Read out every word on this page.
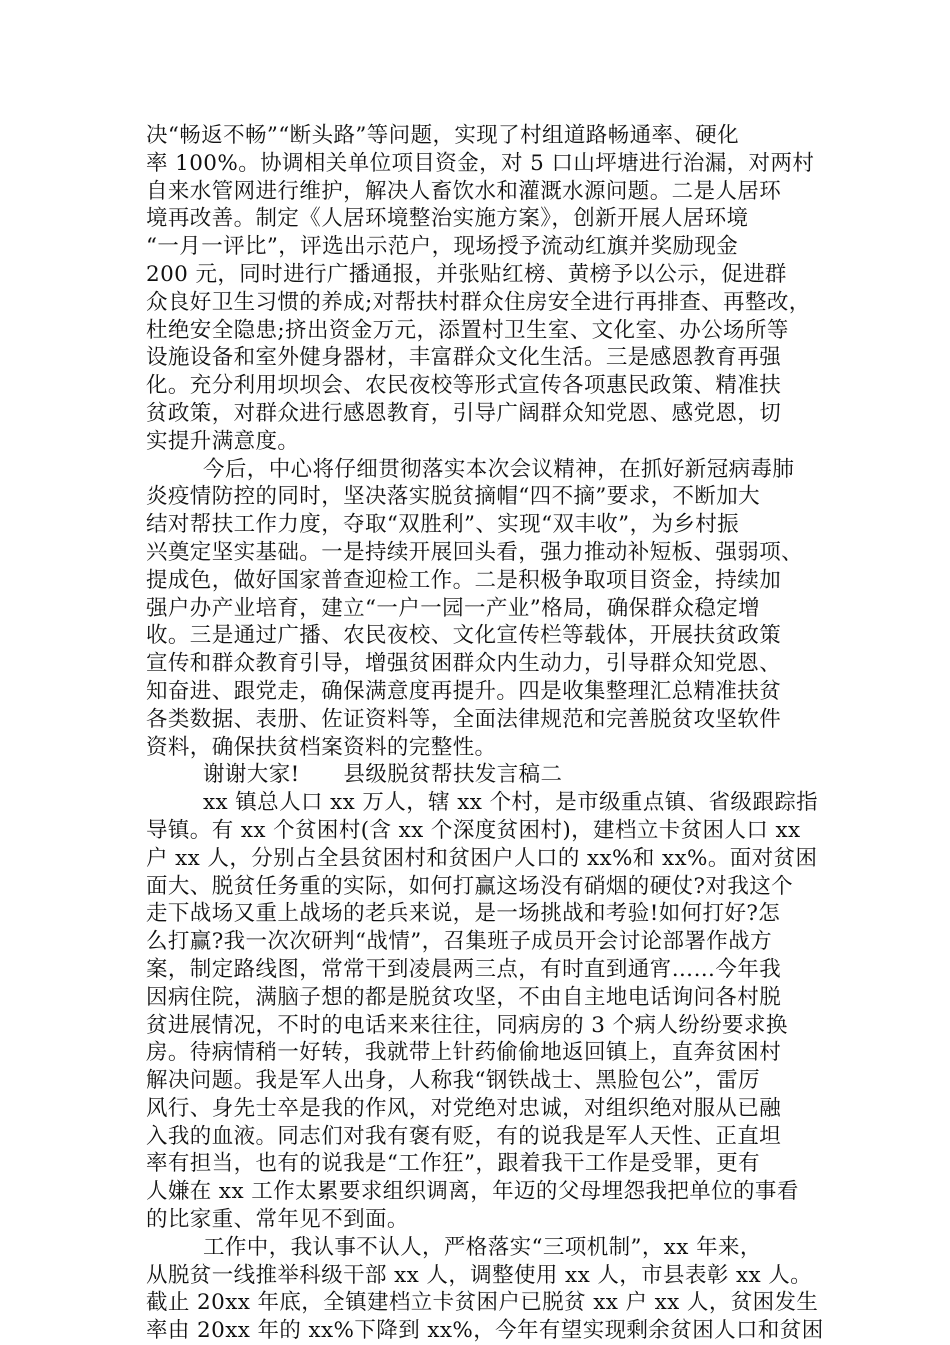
决“畅返不畅”“断头路”等问题，实现了村组道路畅通率、硬化
率 100%。协调相关单位项目资金，对 5 口山坪塘进行治漏，对两村
自来水管网进行维护，解决人畜饮水和灌溉水源问题。二是人居环
境再改善。制定《人居环境整治实施方案》，创新开展人居环境
“一月一评比”，评选出示范户，现场授予流动红旗并奖励现金
200 元，同时进行广播通报，并张贴红榜、黄榜予以公示，促进群
众良好卫生习惯的养成;对帮扶村群众住房安全进行再排查、再整改，
杜绝安全隐患;挤出资金万元，添置村卫生室、文化室、办公场所等
设施设备和室外健身器材，丰富群众文化生活。三是感恩教育再强
化。充分利用坝坝会、农民夜校等形式宣传各项惠民政策、精准扶
贫政策，对群众进行感恩教育，引导广阔群众知党恩、感党恩，切
实提升满意度。
今后，中心将仔细贯彻落实本次会议精神，在抓好新冠病毒肺
炎疫情防控的同时，坚决落实脱贫摘帽“四不摘”要求，不断加大
结对帮扶工作力度，夺取“双胜利”、实现“双丰收”，为乡村振
兴奠定坚实基础。一是持续开展回头看，强力推动补短板、强弱项、
提成色，做好国家普查迎检工作。二是积极争取项目资金，持续加
强户办产业培育，建立“一户一园一产业”格局，确保群众稳定增
收。三是通过广播、农民夜校、文化宣传栏等载体，开展扶贫政策
宣传和群众教育引导，增强贫困群众内生动力，引导群众知党恩、
知奋进、跟党走，确保满意度再提升。四是收集整理汇总精准扶贫
各类数据、表册、佐证资料等，全面法律规范和完善脱贫攻坚软件
资料，确保扶贫档案资料的完整性。
谢谢大家!　　县级脱贫帮扶发言稿二
xx 镇总人口 xx 万人，辖 xx 个村，是市级重点镇、省级跟踪指
导镇。有 xx 个贫困村(含 xx 个深度贫困村)，建档立卡贫困人口 xx
户 xx 人，分别占全县贫困村和贫困户人口的 xx%和 xx%。面对贫困
面大、脱贫任务重的实际，如何打赢这场没有硝烟的硬仗?对我这个
走下战场又重上战场的老兵来说，是一场挑战和考验!如何打好?怎
么打赢?我一次次研判“战情”，召集班子成员开会讨论部署作战方
案，制定路线图，常常干到凌晨两三点，有时直到通宵……今年我
因病住院，满脑子想的都是脱贫攻坚，不由自主地电话询问各村脱
贫进展情况，不时的电话来来往往，同病房的 3 个病人纷纷要求换
房。待病情稍一好转，我就带上针药偷偷地返回镇上，直奔贫困村
解决问题。我是军人出身，人称我“钢铁战士、黑脸包公”，雷厉
风行、身先士卒是我的作风，对党绝对忠诚，对组织绝对服从已融
入我的血液。同志们对我有褒有贬，有的说我是军人天性、正直坦
率有担当，也有的说我是“工作狂”，跟着我干工作是受罪，更有
人嫌在 xx 工作太累要求组织调离，年迈的父母埋怨我把单位的事看
的比家重、常年见不到面。
工作中，我认事不认人，严格落实“三项机制”，xx 年来，
从脱贫一线推举科级干部 xx 人，调整使用 xx 人，市县表彰 xx 人。
截止 20xx 年底，全镇建档立卡贫困户已脱贫 xx 户 xx 人，贫困发生
率由 20xx 年的 xx%下降到 xx%，今年有望实现剩余贫困人口和贫困
